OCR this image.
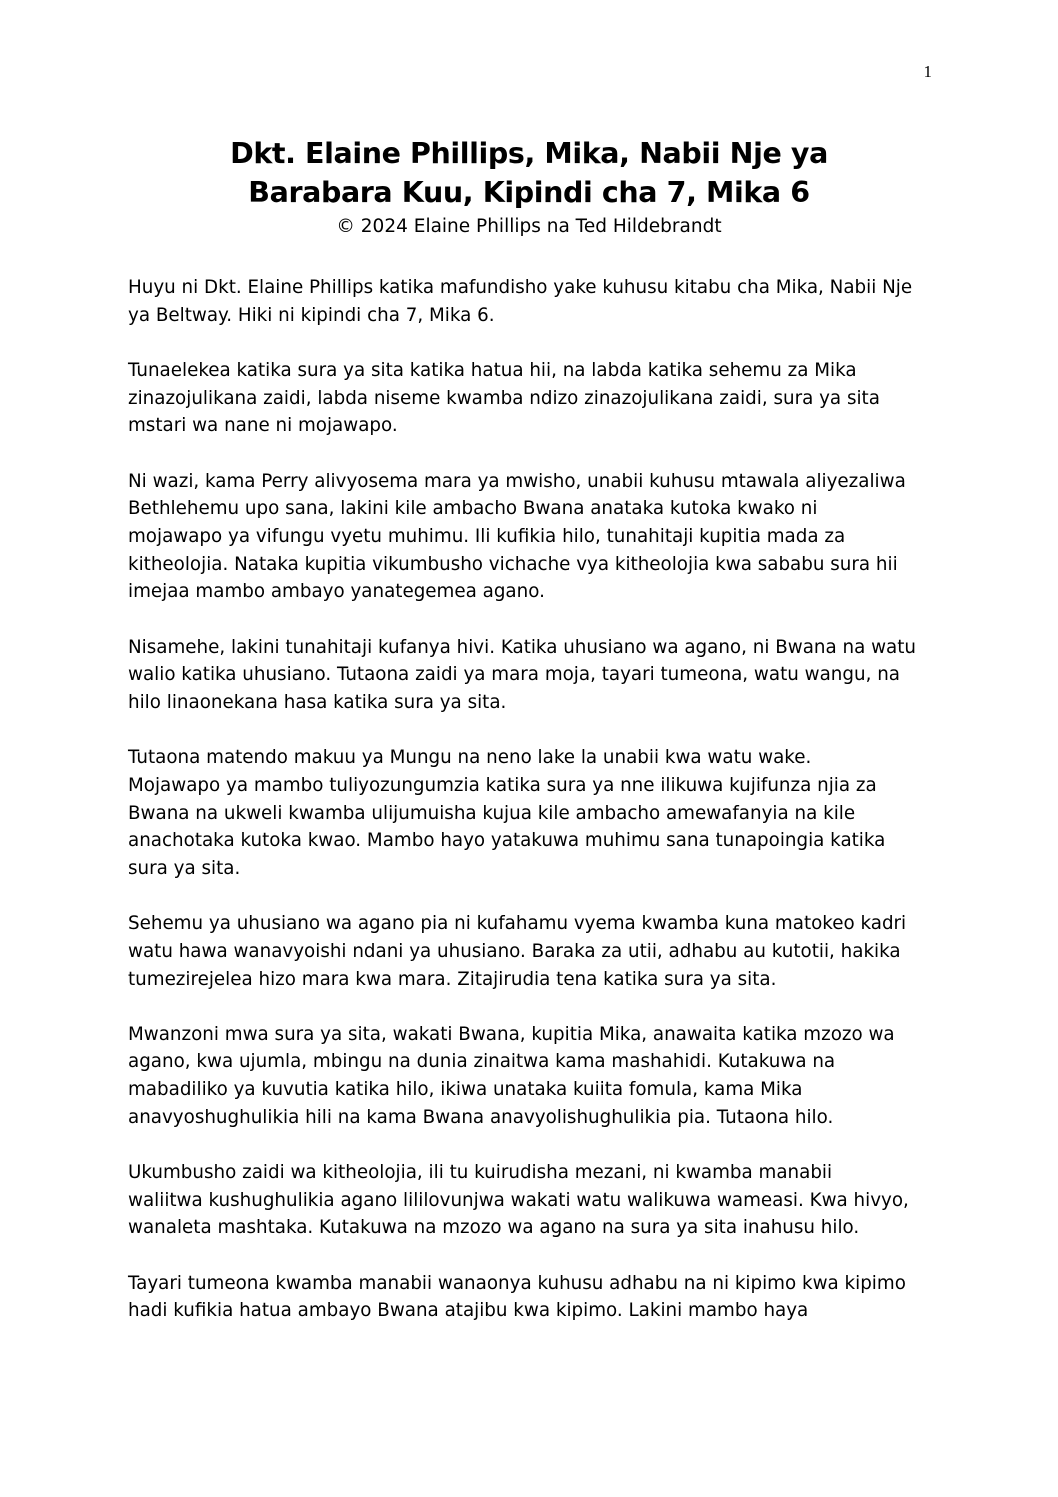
1
Dkt. Elaine Phillips, Mika, Nabii Nje ya
Barabara Kuu, Kipindi cha 7, Mika 6
© 2024 Elaine Phillips na Ted Hildebrandt

Huyu ni Dkt. Elaine Phillips katika mafundisho yake kuhusu kitabu cha Mika, Nabii Nje
ya Beltway. Hiki ni kipindi cha 7, Mika 6.

Tunaelekea katika sura ya sita katika hatua hii, na labda katika sehemu za Mika
zinazojulikana zaidi, labda niseme kwamba ndizo zinazojulikana zaidi, sura ya sita
mstari wa nane ni mojawapo.

Ni wazi, kama Perry alivyosema mara ya mwisho, unabii kuhusu mtawala aliyezaliwa
Bethlehemu upo sana, lakini kile ambacho Bwana anataka kutoka kwako ni
mojawapo ya vifungu vyetu muhimu. Ili kufikia hilo, tunahitaji kupitia mada za
kitheolojia. Nataka kupitia vikumbusho vichache vya kitheolojia kwa sababu sura hii
imejaa mambo ambayo yanategemea agano.

Nisamehe, lakini tunahitaji kufanya hivi. Katika uhusiano wa agano, ni Bwana na watu
walio katika uhusiano. Tutaona zaidi ya mara moja, tayari tumeona, watu wangu, na
hilo linaonekana hasa katika sura ya sita.

Tutaona matendo makuu ya Mungu na neno lake la unabii kwa watu wake.
Mojawapo ya mambo tuliyozungumzia katika sura ya nne ilikuwa kujifunza njia za
Bwana na ukweli kwamba ulijumuisha kujua kile ambacho amewafanyia na kile
anachotaka kutoka kwao. Mambo hayo yatakuwa muhimu sana tunapoingia katika
sura ya sita.

Sehemu ya uhusiano wa agano pia ni kufahamu vyema kwamba kuna matokeo kadri
watu hawa wanavyoishi ndani ya uhusiano. Baraka za utii, adhabu au kutotii, hakika
tumezirejelea hizo mara kwa mara. Zitajirudia tena katika sura ya sita.

Mwanzoni mwa sura ya sita, wakati Bwana, kupitia Mika, anawaita katika mzozo wa
agano, kwa ujumla, mbingu na dunia zinaitwa kama mashahidi. Kutakuwa na
mabadiliko ya kuvutia katika hilo, ikiwa unataka kuiita fomula, kama Mika
anavyoshughulikia hili na kama Bwana anavyolishughulikia pia. Tutaona hilo.

Ukumbusho zaidi wa kitheolojia, ili tu kuirudisha mezani, ni kwamba manabii
waliitwa kushughulikia agano lililovunjwa wakati watu walikuwa wameasi. Kwa hivyo,
wanaleta mashtaka. Kutakuwa na mzozo wa agano na sura ya sita inahusu hilo.

Tayari tumeona kwamba manabii wanaonya kuhusu adhabu na ni kipimo kwa kipimo
hadi kufikia hatua ambayo Bwana atajibu kwa kipimo. Lakini mambo haya
